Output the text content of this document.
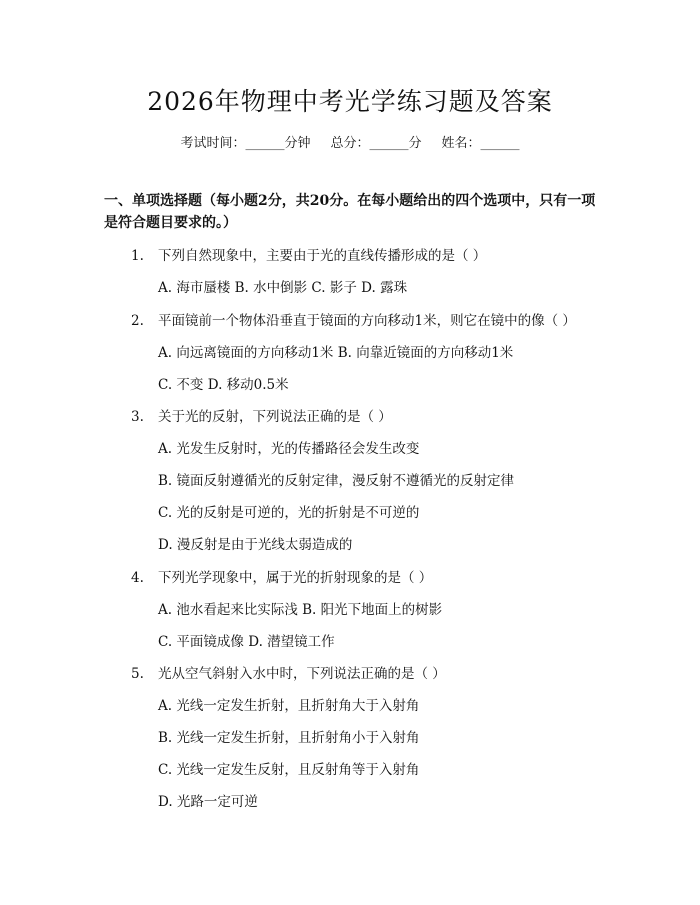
2026年物理中考光学练习题及答案
考试时间：______分钟 总分：______分 姓名：______
一、单项选择题（每小题2分，共20分。在每小题给出的四个选项中，只有一项是符合题目要求的。）
1. 下列自然现象中，主要由于光的直线传播形成的是（ ）
A. 海市蜃楼 B. 水中倒影 C. 影子 D. 露珠
2. 平面镜前一个物体沿垂直于镜面的方向移动1米，则它在镜中的像（ ）
A. 向远离镜面的方向移动1米 B. 向靠近镜面的方向移动1米
C. 不变 D. 移动0.5米
3. 关于光的反射，下列说法正确的是（ ）
A. 光发生反射时，光的传播路径会发生改变
B. 镜面反射遵循光的反射定律，漫反射不遵循光的反射定律
C. 光的反射是可逆的，光的折射是不可逆的
D. 漫反射是由于光线太弱造成的
4. 下列光学现象中，属于光的折射现象的是（ ）
A. 池水看起来比实际浅 B. 阳光下地面上的树影
C. 平面镜成像 D. 潜望镜工作
5. 光从空气斜射入水中时，下列说法正确的是（ ）
A. 光线一定发生折射，且折射角大于入射角
B. 光线一定发生折射，且折射角小于入射角
C. 光线一定发生反射，且反射角等于入射角
D. 光路一定可逆
